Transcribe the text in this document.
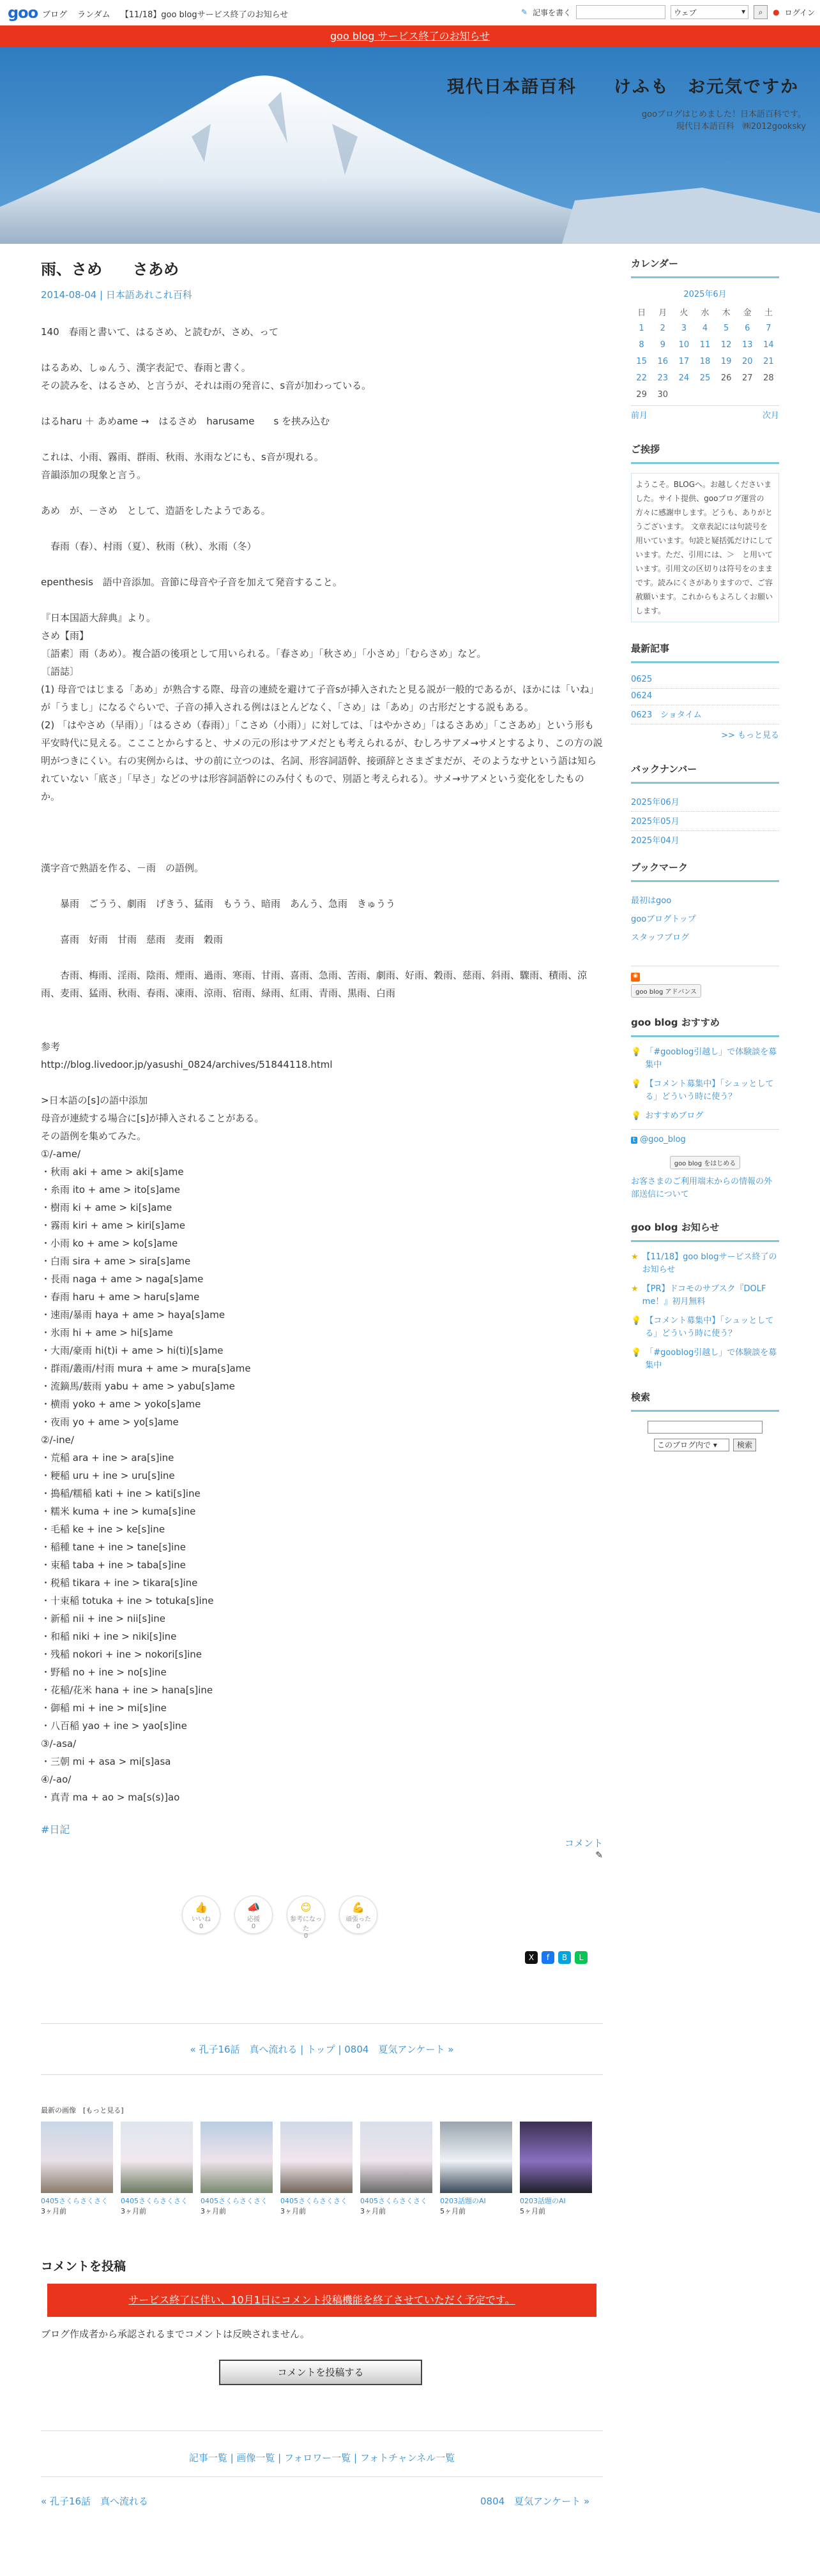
goo ブログ ランダム 【11/18】goo blogサービス終了のお知らせ	✎ 記事を書く	ウェブ	▾	⌕	● ログイン
goo blog サービス終了のお知らせ
現代日本語百科　　けふも　お元気ですか
gooブログはじめました！日本語百科です。
現代日本語百科　㈱2012gooksky
雨、さめ　　さあめ
2014-08-04 | 日本語あれこれ百科
140　春雨と書いて、はるさめ、と読むが、さめ、って
はるあめ、しゅんう、漢字表記で、春雨と書く。
その読みを、はるさめ、と言うが、それは雨の発音に、s音が加わっている。
はるharu ＋ あめame →　はるさめ　harusame　　s を挟み込む
これは、小雨、霧雨、群雨、秋雨、氷雨などにも、s音が現れる。
音韻添加の現象と言う。
あめ　が、－さめ　として、造語をしたようである。
　春雨（春）、村雨（夏）、秋雨（秋）、氷雨（冬）
epenthesis　語中音添加。音節に母音や子音を加えて発音すること。
『日本国語大辞典』より。
さめ【雨】
〔語素〕雨（あめ）。複合語の後項として用いられる。「春さめ」「秋さめ」「小さめ」「むらさめ」など。
〔語誌〕
(1) 母音ではじまる「あめ」が熟合する際、母音の連続を避けて子音sが挿入されたと見る説が一般的であるが、ほかには「いね」が「うまし」になるぐらいで、子音の挿入される例はほとんどなく、「さめ」は「あめ」の古形だとする説もある。
(2) 「はやさめ（早雨）」「はるさめ（春雨）」「こさめ（小雨）」に対しては、「はやかさめ」「はるさあめ」「こさあめ」という形も平安時代に見える。ここことからすると、サメの元の形はサアメだとも考えられるが、むしろサアメ→サメとするより、この方の説明がつきにくい。右の実例からは、サの前に立つのは、名詞、形容詞語幹、接頭辞とさまざまだが、そのようなサという語は知られていない「底さ」「早さ」などのサは形容詞語幹にのみ付くもので、別語と考えられる）。サメ→サアメという変化をしたものか。
漢字音で熟語を作る、－雨　の語例。
　　暴雨　ごうう、劇雨　げきう、猛雨　もうう、暗雨　あんう、急雨　きゅうう
　　喜雨　好雨　甘雨　慈雨　麦雨　穀雨
　　杏雨、梅雨、淫雨、陰雨、煙雨、過雨、寒雨、甘雨、喜雨、急雨、苦雨、劇雨、好雨、穀雨、慈雨、斜雨、驟雨、積雨、涼雨、麦雨、猛雨、秋雨、春雨、凍雨、涼雨、宿雨、緑雨、紅雨、青雨、黒雨、白雨
参考
http://blog.livedoor.jp/yasushi_0824/archives/51844118.html
>日本語の[s]の語中添加
母音が連続する場合に[s]が挿入されることがある。
その語例を集めてみた。
①/-ame/
・秋雨 aki + ame > aki[s]ame
・糸雨 ito + ame > ito[s]ame
・樹雨 ki + ame > ki[s]ame
・霧雨 kiri + ame > kiri[s]ame
・小雨 ko + ame > ko[s]ame
・白雨 sira + ame > sira[s]ame
・長雨 naga + ame > naga[s]ame
・春雨 haru + ame > haru[s]ame
・速雨/暴雨 haya + ame > haya[s]ame
・氷雨 hi + ame > hi[s]ame
・大雨/豪雨 hi(t)i + ame > hi(ti)[s]ame
・群雨/叢雨/村雨 mura + ame > mura[s]ame
・流鏑馬/薮雨 yabu + ame > yabu[s]ame
・横雨 yoko + ame > yoko[s]ame
・夜雨 yo + ame > yo[s]ame
②/-ine/
・荒稲 ara + ine > ara[s]ine
・粳稲 uru + ine > uru[s]ine
・搗稲/糯稲 kati + ine > kati[s]ine
・糯米 kuma + ine > kuma[s]ine
・毛稲 ke + ine > ke[s]ine
・稲種 tane + ine > tane[s]ine
・束稲 taba + ine > taba[s]ine
・税稲 tikara + ine > tikara[s]ine
・十束稲 totuka + ine > totuka[s]ine
・新稲 nii + ine > nii[s]ine
・和稲 niki + ine > niki[s]ine
・残稲 nokori + ine > nokori[s]ine
・野稲 no + ine > no[s]ine
・花稲/花米 hana + ine > hana[s]ine
・御稲 mi + ine > mi[s]ine
・八百稲 yao + ine > yao[s]ine
③/-asa/
・三朝 mi + asa > mi[s]asa
④/-ao/
・真青 ma + ao > ma[s(s)]ao
#日記
コメント
✎
👍
いいね
0
📣
応援
0
😊
参考になった
0
💪
頑張った
0
X	f	B	L
« 孔子16話　真へ流れる | トップ | 0804　夏気アンケート »
最新の画像　[もっと見る]
0405さくらさくさく
3ヶ月前
0405さくらさくさく
3ヶ月前
0405さくらさくさく
3ヶ月前
0405さくらさくさく
3ヶ月前
0405さくらさくさく
3ヶ月前
0203話題のAI
5ヶ月前
0203話題のAI
5ヶ月前
コメントを投稿
サービス終了に伴い、10月1日にコメント投稿機能を終了させていただく予定です。
ブログ作成者から承認されるまでコメントは反映されません。
コメントを投稿する
記事一覧 | 画像一覧 | フォロワー一覧 | フォトチャンネル一覧
« 孔子16話　真へ流れる	0804　夏気アンケート »
カレンダー
2025年6月
日	月	火	水	木	金	土
1	2	3	4	5	6	7
8	9	10	11	12	13	14
15	16	17	18	19	20	21
22	23	24	25	26	27	28
29	30					
前月	次月
ご挨拶
ようこそ。BLOGへ。お越しくださいました。サイト提供、gooブログ運営の方々に感謝申します。どうも、ありがとうございます。 文章表記には句読号を用いています。句読と疑括弧だけにしています。ただ、引用には、＞　と用いています。引用文の区切りは符号をのままです。読みにくさがありますので、ご容赦願います。これからもよろしくお願いします。
最新記事
0625
0624
0623　ショタイム
>> もっと見る
バックナンバー
2025年06月
2025年05月
2025年04月
ブックマーク
最初はgoo
gooブログトップ
スタッフブログ
◉
goo blog アドバンス
goo blog おすすめ
💡 「#gooblog引越し」で体験談を募集中
💡 【コメント募集中】「シュッとしてる」どういう時に使う？
💡 おすすめブログ
t @goo_blog
goo blog をはじめる
お客さまのご利用端末からの情報の外部送信について
goo blog お知らせ
★ 【11/18】goo blogサービス終了のお知らせ
★ 【PR】ドコモのサブスク『DOLF me！』初月無料
💡 【コメント募集中】「シュッとしてる」どういう時に使う？
💡 「#gooblog引越し」で体験談を募集中
検索
このブログ内で ▾	検索
